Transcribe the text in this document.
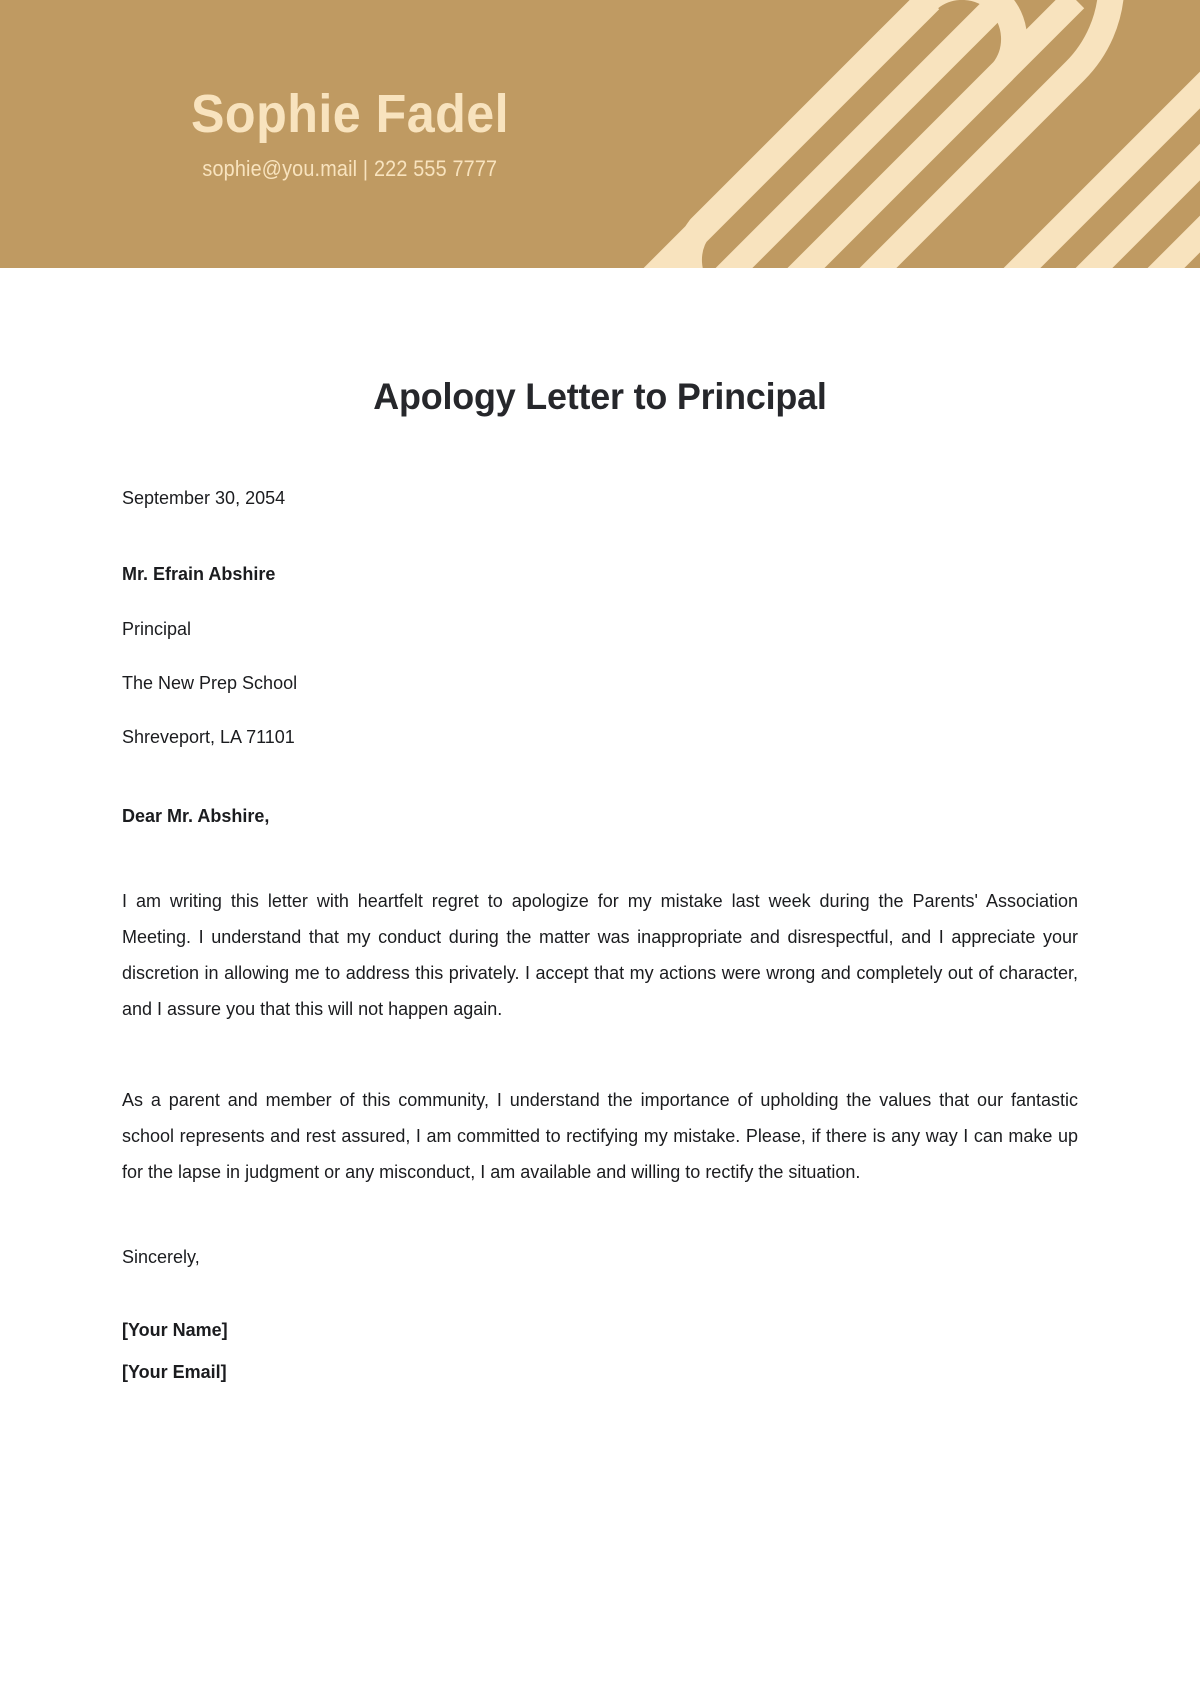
Sophie Fadel
sophie@you.mail | 222 555 7777
Apology Letter to Principal

September 30, 2054

Mr. Efrain Abshire

Principal

The New Prep School

Shreveport, LA 71101

Dear Mr. Abshire,

I am writing this letter with heartfelt regret to apologize for my mistake last week during the Parents' Association Meeting. I understand that my conduct during the matter was inappropriate and disrespectful, and I appreciate your discretion in allowing me to address this privately. I accept that my actions were wrong and completely out of character, and I assure you that this will not happen again.

As a parent and member of this community, I understand the importance of upholding the values that our fantastic school represents and rest assured, I am committed to rectifying my mistake. Please, if there is any way I can make up for the lapse in judgment or any misconduct, I am available and willing to rectify the situation.

Sincerely,

[Your Name]

[Your Email]
